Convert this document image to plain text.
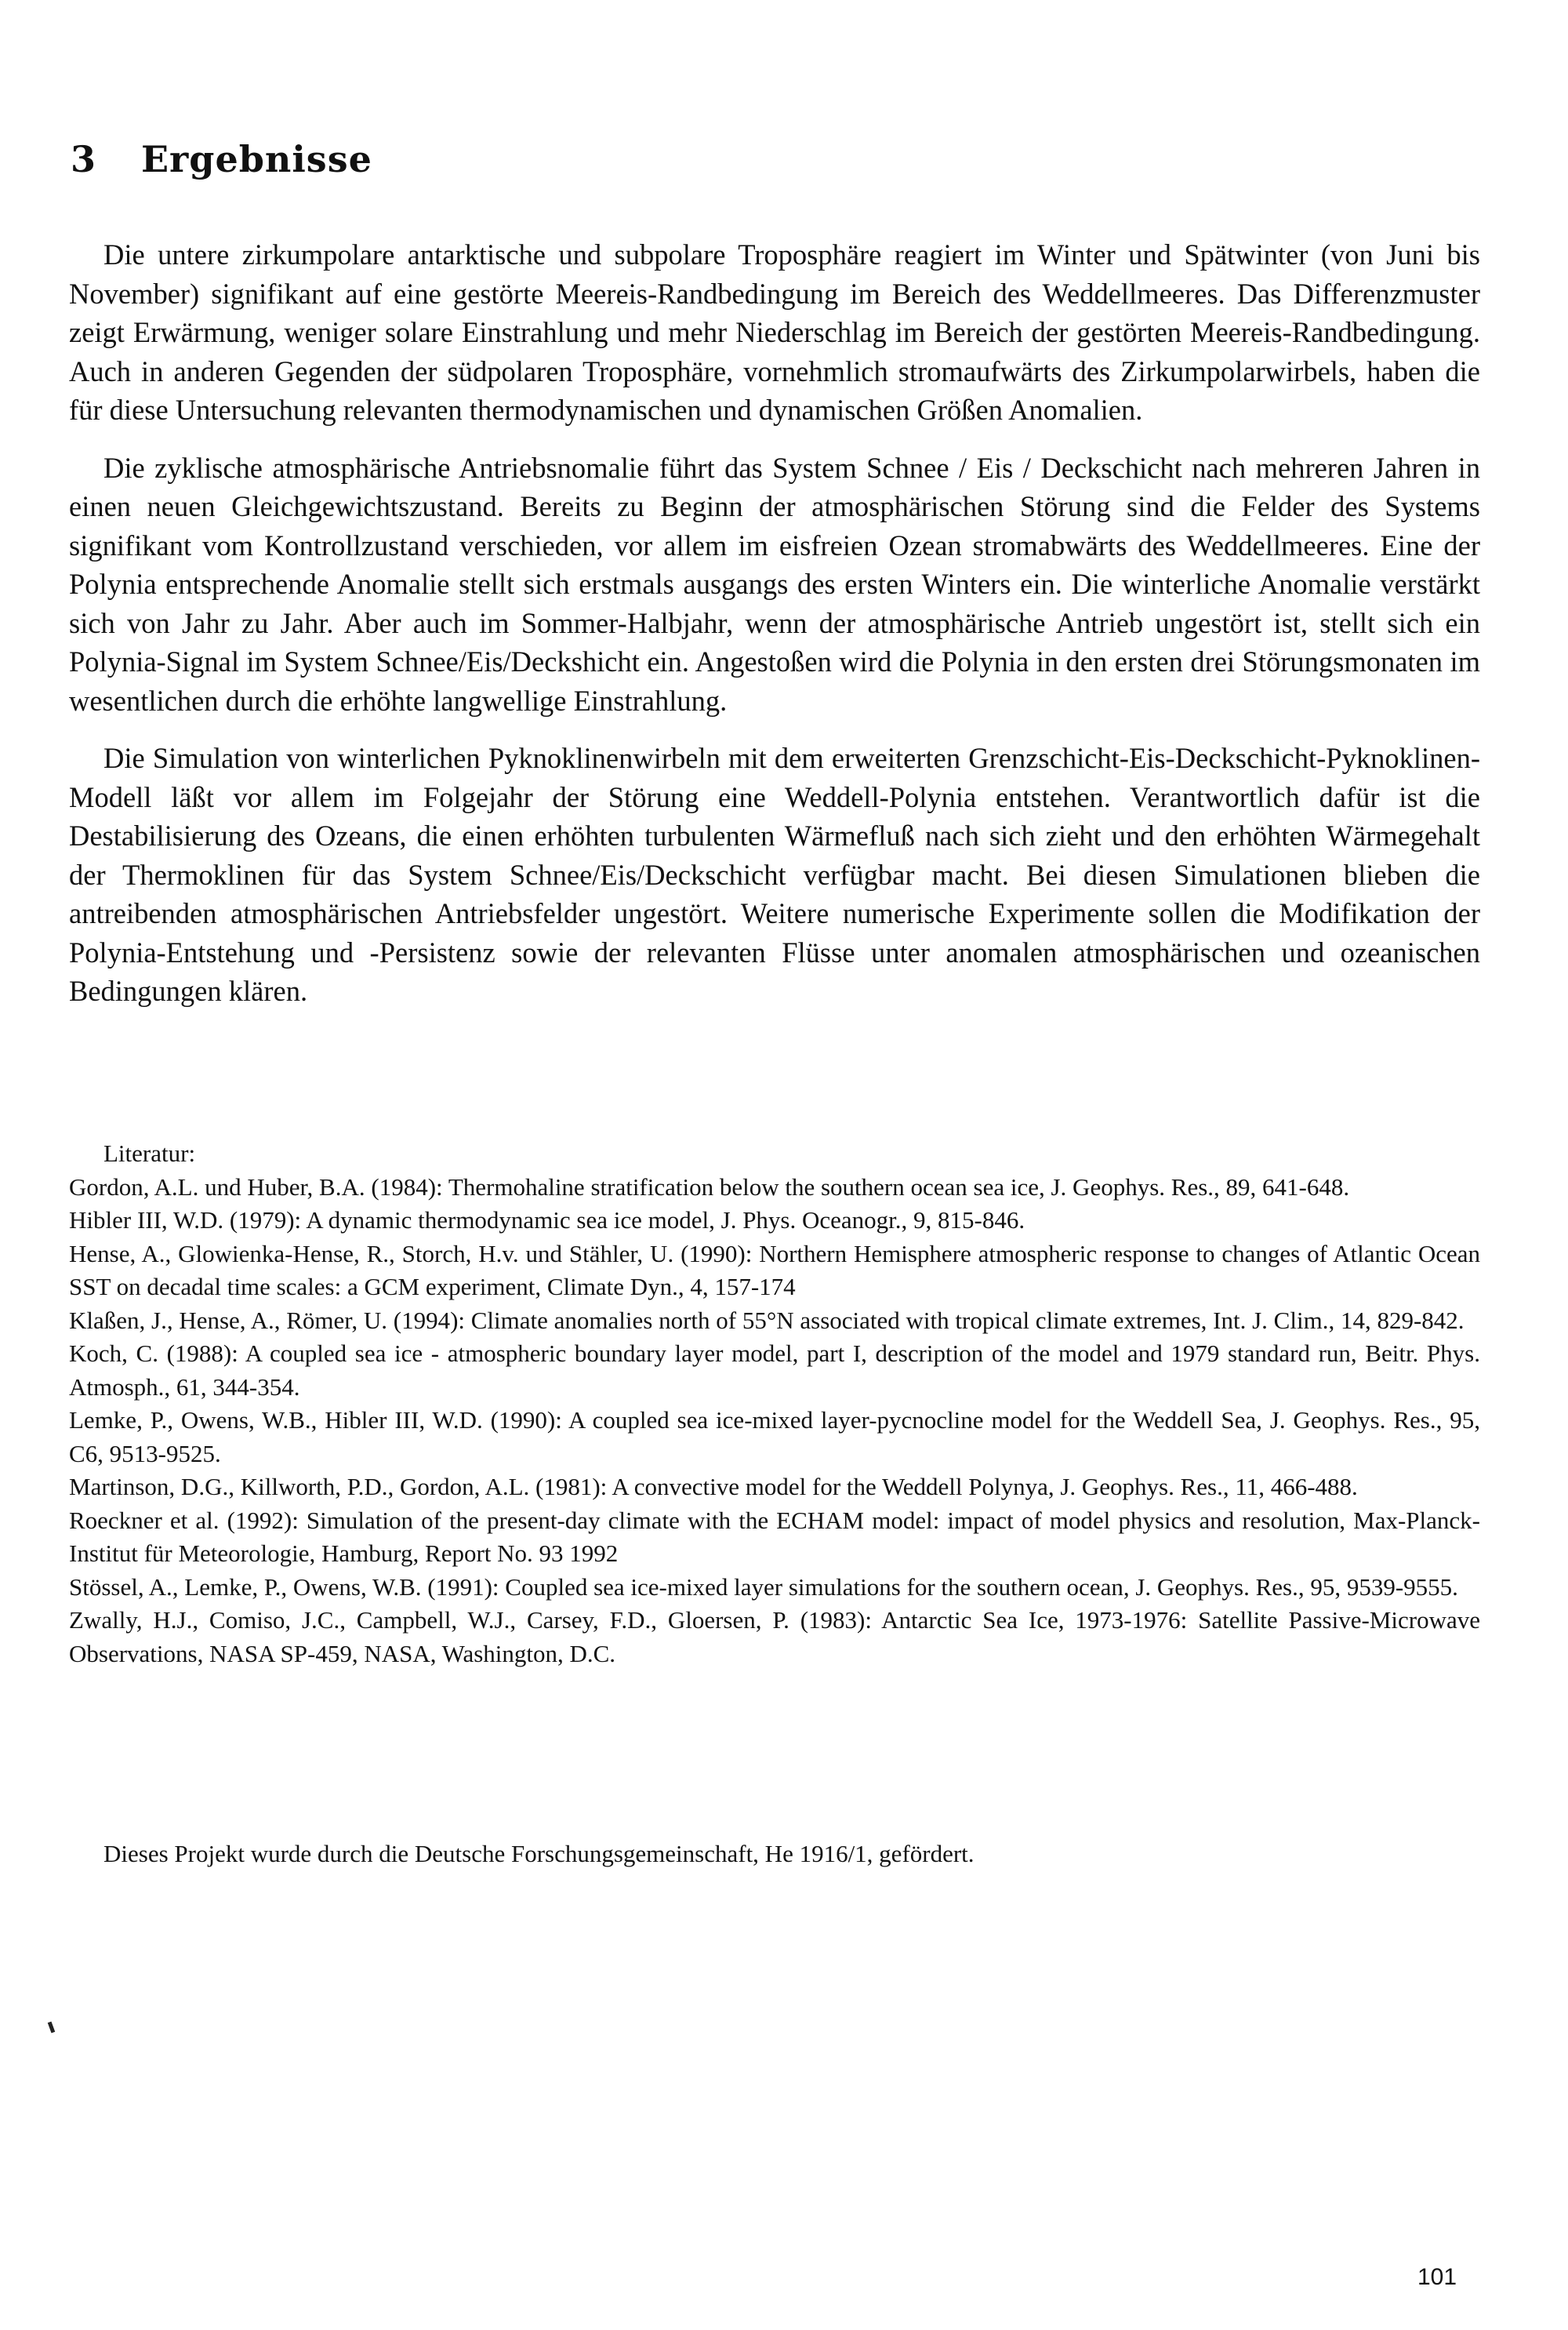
3 Ergebnisse

Die untere zirkumpolare antarktische und subpolare Troposphäre reagiert im Winter und Spätwinter (von Juni bis November) signifikant auf eine gestörte Meereis-Randbedingung im Bereich des Weddellmeeres. Das Differenzmuster zeigt Erwärmung, weniger solare Einstrahlung und mehr Niederschlag im Bereich der gestörten Meereis-Randbedingung. Auch in anderen Gegenden der südpolaren Troposphäre, vornehmlich stromaufwärts des Zirkumpolarwirbels, haben die für diese Untersuchung relevanten thermodynamischen und dynamischen Größen Anomalien.

Die zyklische atmosphärische Antriebsnomalie führt das System Schnee / Eis / Deckschicht nach mehreren Jahren in einen neuen Gleichgewichtszustand. Bereits zu Beginn der atmosphärischen Störung sind die Felder des Systems signifikant vom Kontrollzustand verschieden, vor allem im eisfreien Ozean stromabwärts des Weddellmeeres. Eine der Polynia entsprechende Anomalie stellt sich erstmals ausgangs des ersten Winters ein. Die winterliche Anomalie verstärkt sich von Jahr zu Jahr. Aber auch im Sommer-Halbjahr, wenn der atmosphärische Antrieb ungestört ist, stellt sich ein Polynia-Signal im System Schnee/Eis/Deckshicht ein. Angestoßen wird die Polynia in den ersten drei Störungsmonaten im wesentlichen durch die erhöhte langwellige Einstrahlung.

Die Simulation von winterlichen Pyknoklinenwirbeln mit dem erweiterten Grenzschicht-Eis-Deckschicht-Pyknoklinen-Modell läßt vor allem im Folgejahr der Störung eine Weddell-Polynia entstehen. Verantwortlich dafür ist die Destabilisierung des Ozeans, die einen erhöhten turbulenten Wärmefluß nach sich zieht und den erhöhten Wärmegehalt der Thermoklinen für das System Schnee/Eis/Deckschicht verfügbar macht. Bei diesen Simulationen blieben die antreibenden atmosphärischen Antriebsfelder ungestört. Weitere numerische Experimente sollen die Modifikation der Polynia-Entstehung und -Persistenz sowie der relevanten Flüsse unter anomalen atmosphärischen und ozeanischen Bedingungen klären.

Literatur:
Gordon, A.L. und Huber, B.A. (1984): Thermohaline stratification below the southern ocean sea ice, J. Geophys. Res., 89, 641-648.
Hibler III, W.D. (1979): A dynamic thermodynamic sea ice model, J. Phys. Oceanogr., 9, 815-846.
Hense, A., Glowienka-Hense, R., Storch, H.v. und Stähler, U. (1990): Northern Hemisphere atmospheric response to changes of Atlantic Ocean SST on decadal time scales: a GCM experiment, Climate Dyn., 4, 157-174
Klaßen, J., Hense, A., Römer, U. (1994): Climate anomalies north of 55°N associated with tropical climate extremes, Int. J. Clim., 14, 829-842.
Koch, C. (1988): A coupled sea ice - atmospheric boundary layer model, part I, description of the model and 1979 standard run, Beitr. Phys. Atmosph., 61, 344-354.
Lemke, P., Owens, W.B., Hibler III, W.D. (1990): A coupled sea ice-mixed layer-pycnocline model for the Weddell Sea, J. Geophys. Res., 95, C6, 9513-9525.
Martinson, D.G., Killworth, P.D., Gordon, A.L. (1981): A convective model for the Weddell Polynya, J. Geophys. Res., 11, 466-488.
Roeckner et al. (1992): Simulation of the present-day climate with the ECHAM model: impact of model physics and resolution, Max-Planck-Institut für Meteorologie, Hamburg, Report No. 93 1992
Stössel, A., Lemke, P., Owens, W.B. (1991): Coupled sea ice-mixed layer simulations for the southern ocean, J. Geophys. Res., 95, 9539-9555.
Zwally, H.J., Comiso, J.C., Campbell, W.J., Carsey, F.D., Gloersen, P. (1983): Antarctic Sea Ice, 1973-1976: Satellite Passive-Microwave Observations, NASA SP-459, NASA, Washington, D.C.

Dieses Projekt wurde durch die Deutsche Forschungsgemeinschaft, He 1916/1, gefördert.

101
